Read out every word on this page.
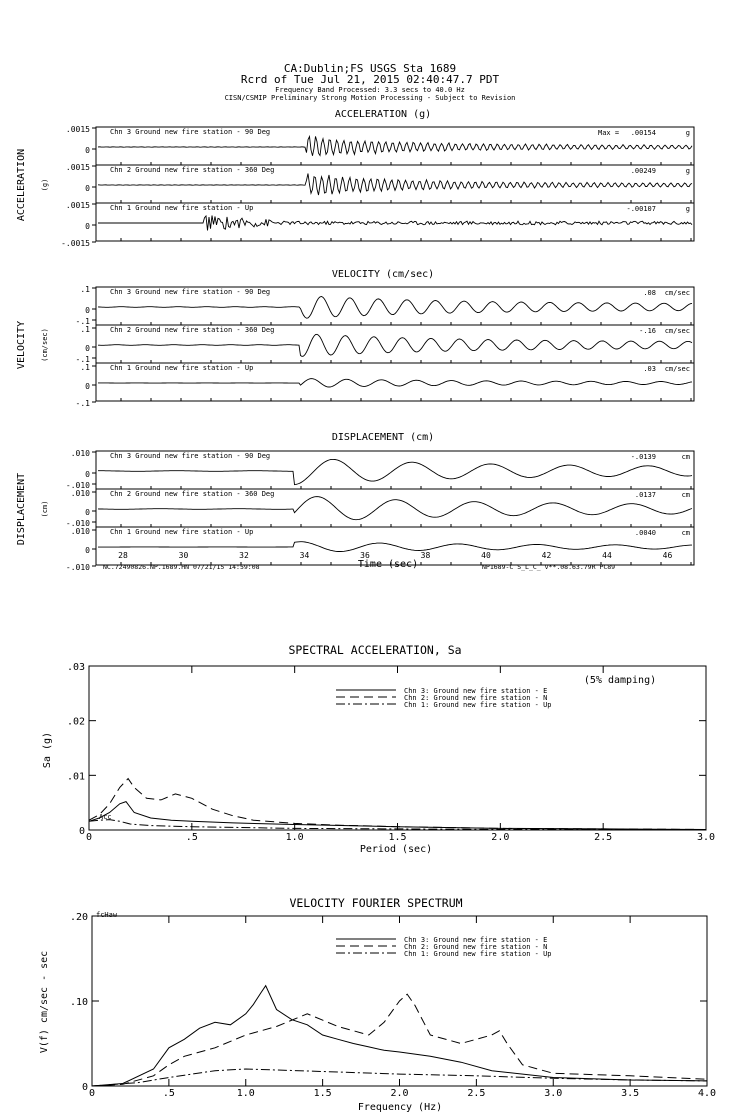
CA:Dublin;FS USGS Sta 1689
Rcrd of Tue Jul 21, 2015 02:40:47.7 PDT
Frequency Band Processed: 3.3 secs to 40.0 Hz
CISN/CSMIP Preliminary Strong Motion Processing - Subject to Revision
ACCELERATION (g)
ACCELERATION (g)
Chn 3 Ground new fire station - 90 Deg	Max = .00154	g
.0015
0
Chn 2 Ground new fire station - 360 Deg	.00249	g
.0015
0
Chn 1 Ground new fire station - Up	-.00107	g
.0015
0
-.0015
VELOCITY (cm/sec)
VELOCITY (cm/sec)
Chn 3 Ground new fire station - 90 Deg	.08 cm/sec
.1
0
Chn 2 Ground new fire station - 360 Deg	-.16 cm/sec
-.1
.1
0
Chn 1 Ground new fire station - Up	.03 cm/sec
-.1
.1
0
-.1
DISPLACEMENT (cm)
DISPLACEMENT (cm)
Chn 3 Ground new fire station - 90 Deg	-.0139	cm
.010
0
Chn 2 Ground new fire station - 360 Deg	.0137	cm
-.010
.010
0
Chn 1 Ground new fire station - Up	.0040	cm
-.010
.010
0
-.010
28	30	32	34	36	38	40	42	44	46
Time (sec)
NC.72490826.NP.1689.HN 07/21/15 14:59:08	NP1689-C S_L_C_ v**.08.63.79R PC89
SPECTRAL ACCELERATION, Sa
0	.5	1.0	1.5	2.0	2.5	3.0
0
.01
.02
.03
Chn 3: Ground new fire station - E
Chn 2: Ground new fire station - N
Chn 1: Ground new fire station - Up
Period (sec)
Sa (g)
(5% damping)
Acc
VELOCITY FOURIER SPECTRUM
0	.5	1.0	1.5	2.0	2.5	3.0	3.5	4.0
0
.10
.20
Chn 3: Ground new fire station - E
Chn 2: Ground new fire station - N
Chn 1: Ground new fire station - Up
Frequency (Hz)
V(f) cm/sec - sec
fcHaw
